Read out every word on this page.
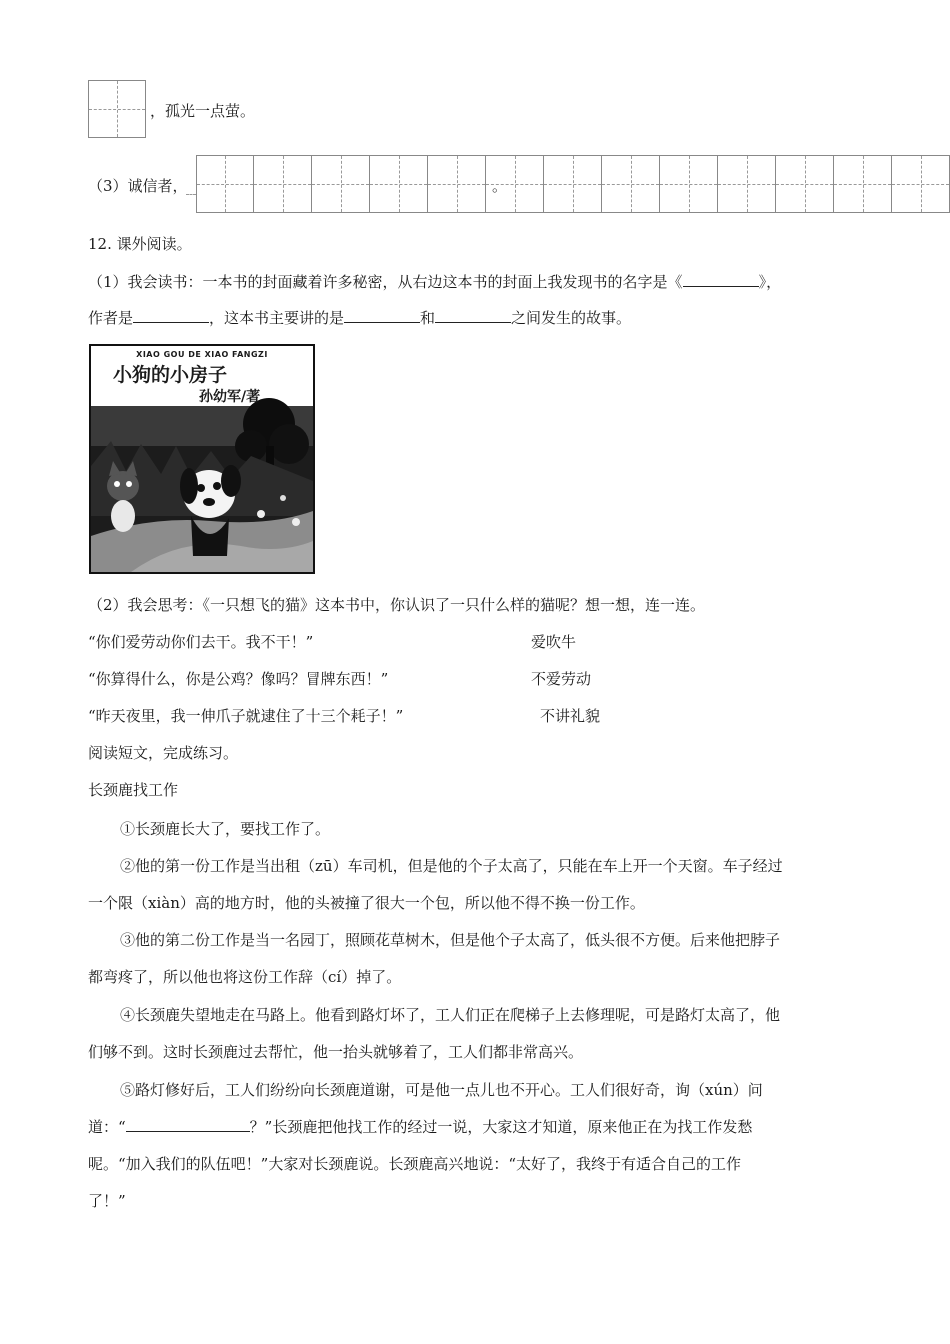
，孤光一点萤。
（3）诚信者，	。
12. 课外阅读。
（1）我会读书：一本书的封面藏着许多秘密，从右边这本书的封面上我发现书的名字是《	》，
作者是	，这本书主要讲的是	和	之间发生的故事。
XIAO GOU DE XIAO FANGZI
小狗的小房子
孙幼军/著
（2）我会思考：《一只想飞的猫》这本书中，你认识了一只什么样的猫呢？想一想，连一连。
“你们爱劳动你们去干。我不干！”	爱吹牛
“你算得什么，你是公鸡？像吗？冒牌东西！”	不爱劳动
“昨天夜里，我一伸爪子就逮住了十三个耗子！”	不讲礼貌
阅读短文，完成练习。
长颈鹿找工作
①长颈鹿长大了，要找工作了。
②他的第一份工作是当出租（zū）车司机，但是他的个子太高了，只能在车上开一个天窗。车子经过
一个限（xiàn）高的地方时，他的头被撞了很大一个包，所以他不得不换一份工作。
③他的第二份工作是当一名园丁，照顾花草树木，但是他个子太高了，低头很不方便。后来他把脖子
都弯疼了，所以他也将这份工作辞（cí）掉了。
④长颈鹿失望地走在马路上。他看到路灯坏了，工人们正在爬梯子上去修理呢，可是路灯太高了，他
们够不到。这时长颈鹿过去帮忙，他一抬头就够着了，工人们都非常高兴。
⑤路灯修好后，工人们纷纷向长颈鹿道谢，可是他一点儿也不开心。工人们很好奇，询（xún）问
道：“	？”长颈鹿把他找工作的经过一说，大家这才知道，原来他正在为找工作发愁
呢。“加入我们的队伍吧！”大家对长颈鹿说。长颈鹿高兴地说：“太好了，我终于有适合自己的工作
了！”
